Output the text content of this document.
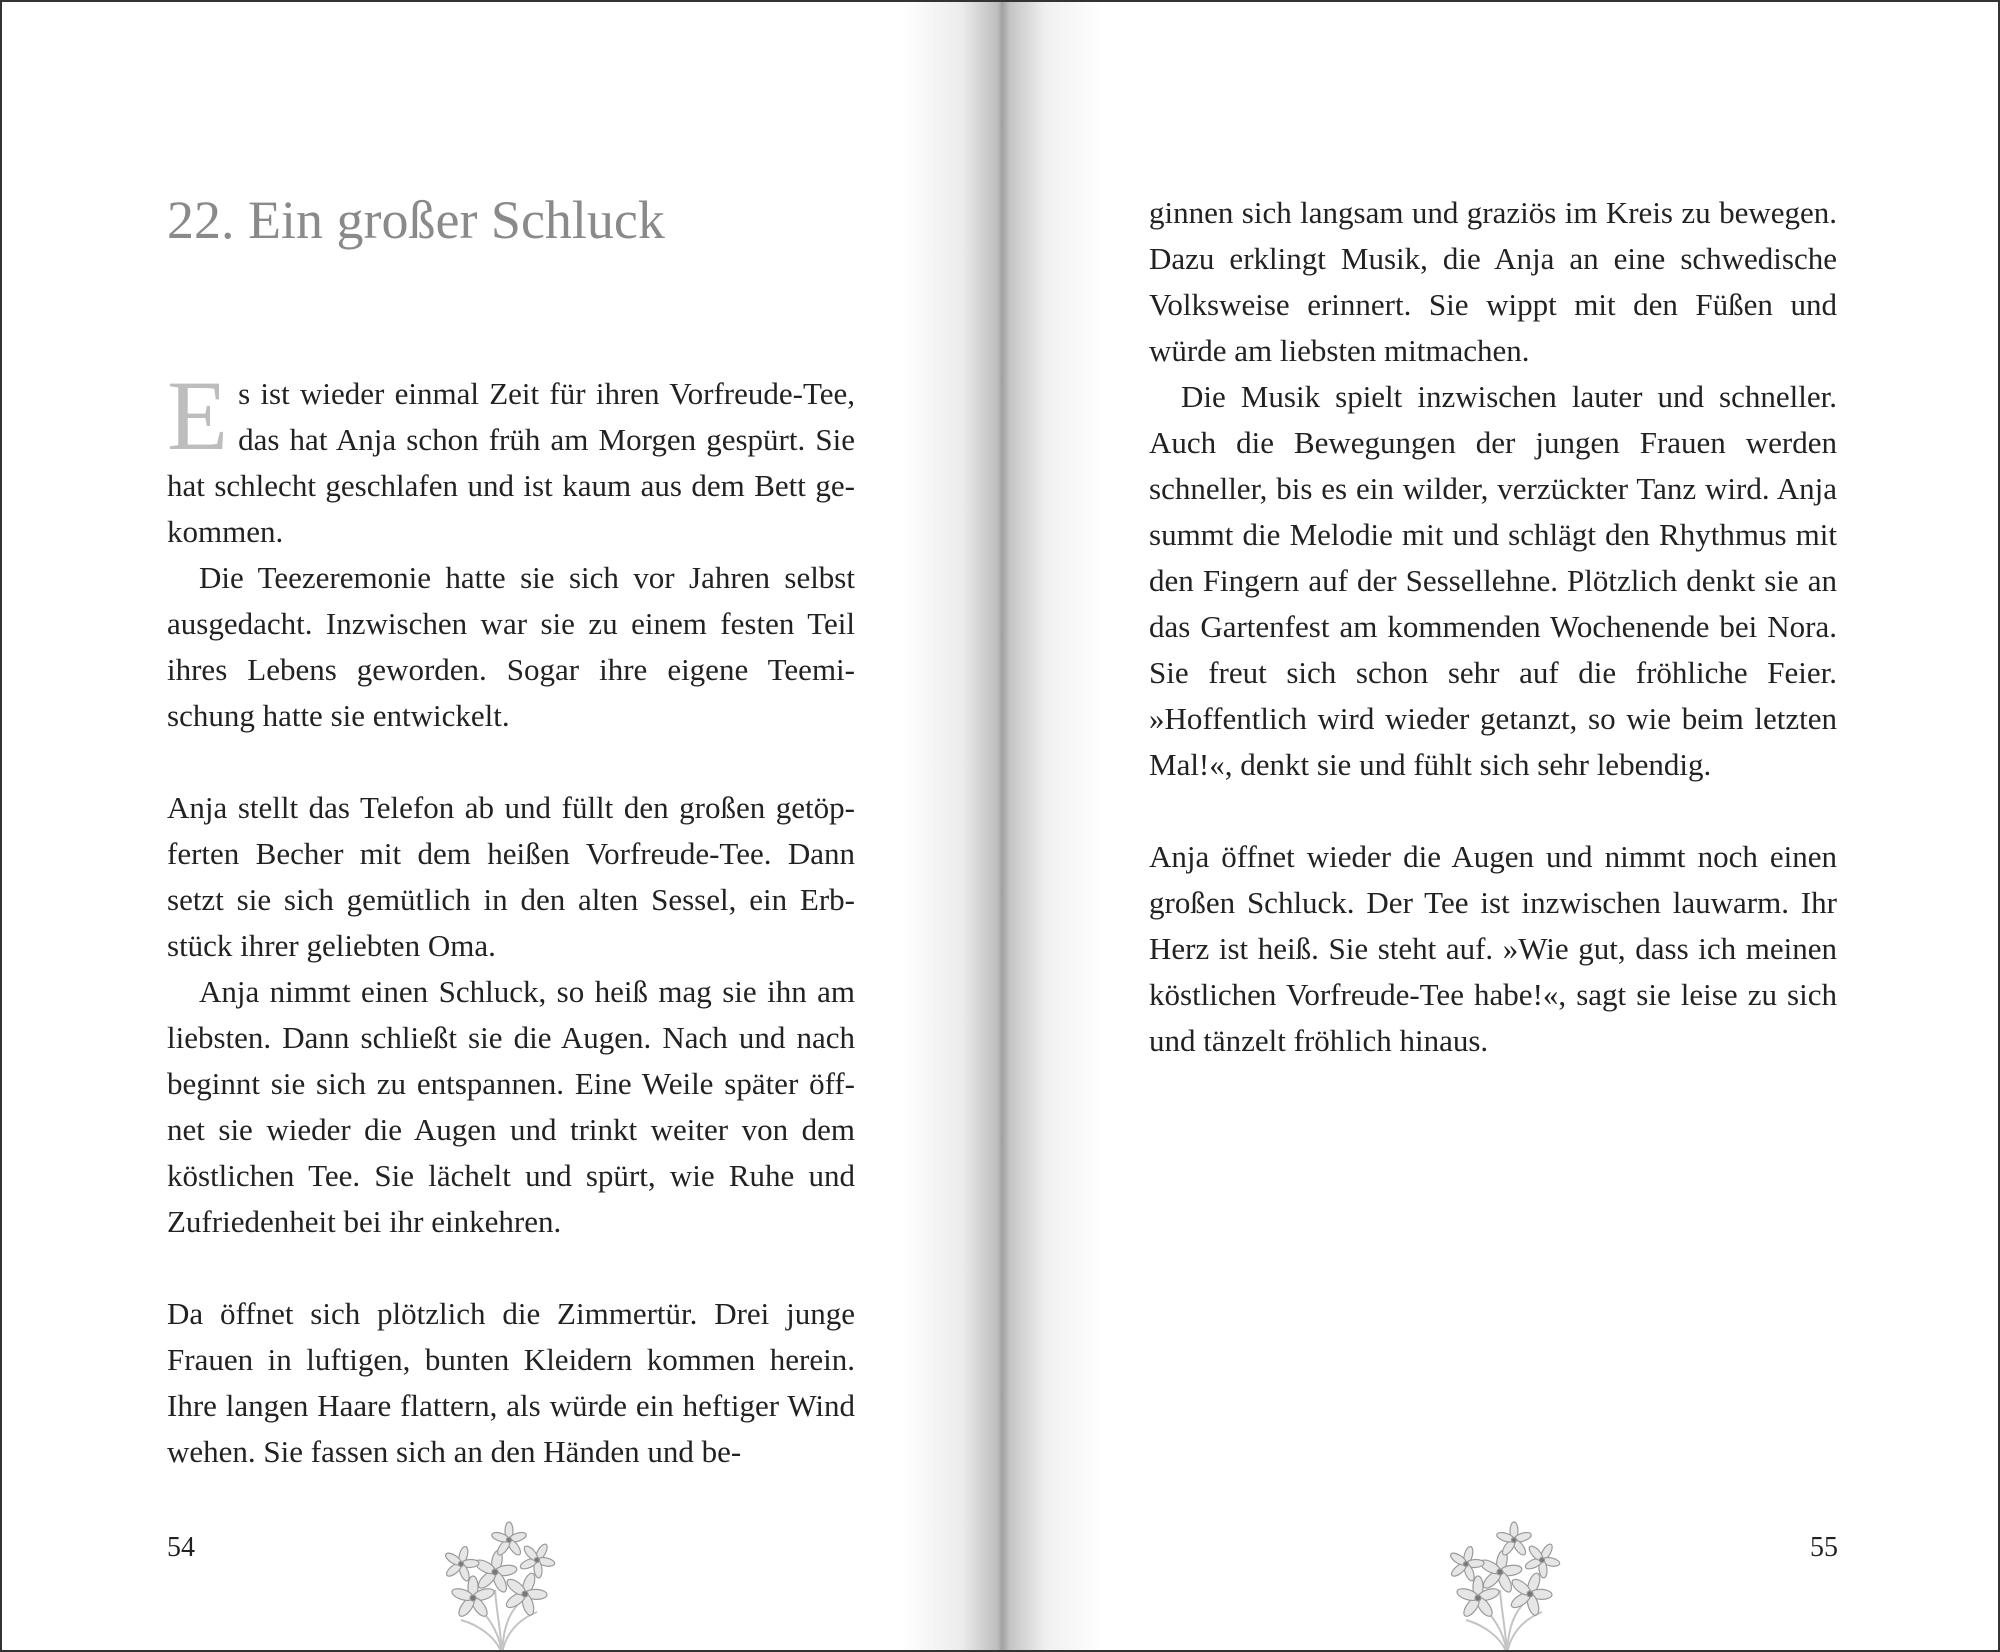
22. Ein großer Schluck

Es ist wieder einmal Zeit für ihren Vorfreude-Tee, das hat Anja schon früh am Morgen gespürt. Sie hat schlecht geschlafen und ist kaum aus dem Bett gekommen.

Die Teezeremonie hatte sie sich vor Jahren selbst ausgedacht. Inzwischen war sie zu einem festen Teil ihres Lebens geworden. Sogar ihre eigene Teemischung hatte sie entwickelt.

Anja stellt das Telefon ab und füllt den großen getöpferten Becher mit dem heißen Vorfreude-Tee. Dann setzt sie sich gemütlich in den alten Sessel, ein Erbstück ihrer geliebten Oma.

Anja nimmt einen Schluck, so heiß mag sie ihn am liebsten. Dann schließt sie die Augen. Nach und nach beginnt sie sich zu entspannen. Eine Weile später öffnet sie wieder die Augen und trinkt weiter von dem köstlichen Tee. Sie lächelt und spürt, wie Ruhe und Zufriedenheit bei ihr einkehren.

Da öffnet sich plötzlich die Zimmertür. Drei junge Frauen in luftigen, bunten Kleidern kommen herein. Ihre langen Haare flattern, als würde ein heftiger Wind wehen. Sie fassen sich an den Händen und be-

54

ginnen sich langsam und graziös im Kreis zu bewegen. Dazu erklingt Musik, die Anja an eine schwedische Volksweise erinnert. Sie wippt mit den Füßen und würde am liebsten mitmachen.

Die Musik spielt inzwischen lauter und schneller. Auch die Bewegungen der jungen Frauen werden schneller, bis es ein wilder, verzückter Tanz wird. Anja summt die Melodie mit und schlägt den Rhythmus mit den Fingern auf der Sessellehne. Plötzlich denkt sie an das Gartenfest am kommenden Wochenende bei Nora. Sie freut sich schon sehr auf die fröhliche Feier. »Hoffentlich wird wieder getanzt, so wie beim letzten Mal!«, denkt sie und fühlt sich sehr lebendig.

Anja öffnet wieder die Augen und nimmt noch einen großen Schluck. Der Tee ist inzwischen lauwarm. Ihr Herz ist heiß. Sie steht auf. »Wie gut, dass ich meinen köstlichen Vorfreude-Tee habe!«, sagt sie leise zu sich und tänzelt fröhlich hinaus.

55
